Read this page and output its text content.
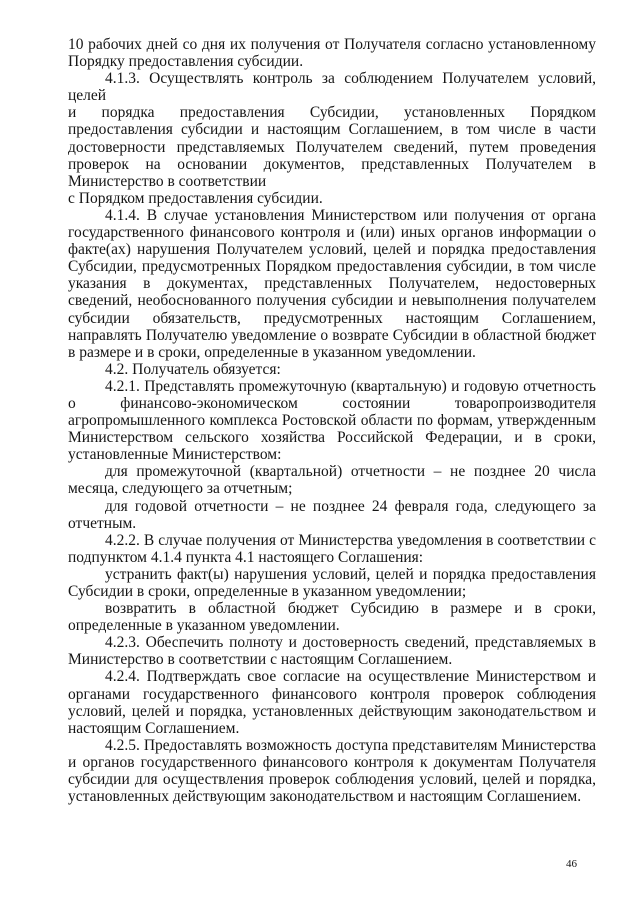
10 рабочих дней со дня их получения от Получателя согласно установленному Порядку предоставления субсидии.

4.1.3. Осуществлять контроль за соблюдением Получателем условий, целей

и порядка предоставления Субсидии, установленных Порядком предоставления субсидии и настоящим Соглашением, в том числе в части достоверности представляемых Получателем сведений, путем проведения проверок на основании документов, представленных Получателем в Министерство в соответствии

с Порядком предоставления субсидии.

4.1.4. В случае установления Министерством или получения от органа государственного финансового контроля и (или) иных органов информации о факте(ах) нарушения Получателем условий, целей и порядка предоставления Субсидии, предусмотренных Порядком предоставления субсидии, в том числе указания в документах, представленных Получателем, недостоверных сведений, необоснованного получения субсидии и невыполнения получателем субсидии обязательств, предусмотренных настоящим Соглашением, направлять Получателю уведомление о возврате Субсидии в областной бюджет в размере и в сроки, определенные в указанном уведомлении.

4.2. Получатель обязуется:

4.2.1. Представлять промежуточную (квартальную) и годовую отчетность о финансово-экономическом состоянии товаропроизводителя агропромышленного комплекса Ростовской области по формам, утвержденным Министерством сельского хозяйства Российской Федерации, и в сроки, установленные Министерством:

для промежуточной (квартальной) отчетности – не позднее 20 числа месяца, следующего за отчетным;

для годовой отчетности – не позднее 24 февраля года, следующего за отчетным.

4.2.2. В случае получения от Министерства уведомления в соответствии с подпунктом 4.1.4 пункта 4.1 настоящего Соглашения:

устранить факт(ы) нарушения условий, целей и порядка предоставления Субсидии в сроки, определенные в указанном уведомлении;

возвратить в областной бюджет Субсидию в размере и в сроки, определенные в указанном уведомлении.

4.2.3. Обеспечить полноту и достоверность сведений, представляемых в Министерство в соответствии с настоящим Соглашением.

4.2.4. Подтверждать свое согласие на осуществление Министерством и органами государственного финансового контроля проверок соблюдения условий, целей и порядка, установленных действующим законодательством и настоящим Соглашением.

4.2.5. Предоставлять возможность доступа представителям Министерства и органов государственного финансового контроля к документам Получателя субсидии для осуществления проверок соблюдения условий, целей и порядка, установленных действующим законодательством и настоящим Соглашением.

46
